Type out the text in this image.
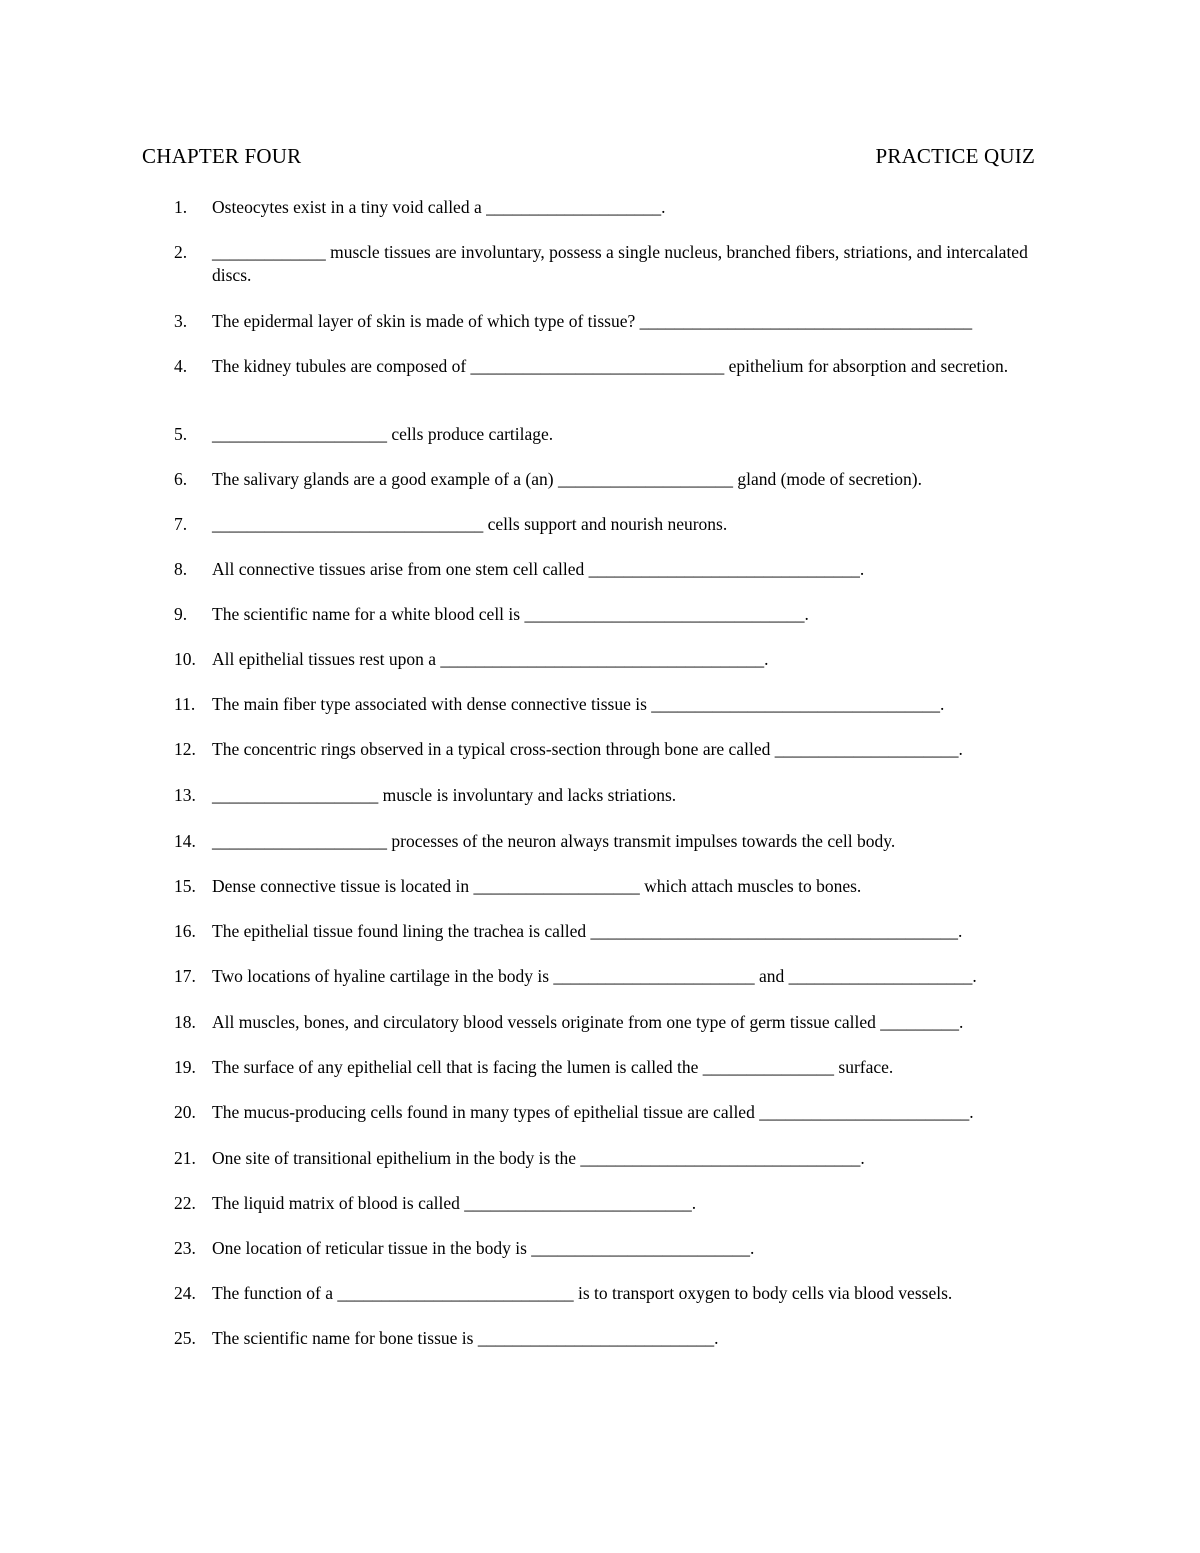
CHAPTER FOUR	PRACTICE QUIZ
1.	Osteocytes exist in a tiny void called a ____________________.
2.	_____________ muscle tissues are involuntary, possess a single nucleus, branched fibers, striations, and intercalated discs.
3.	The epidermal layer of skin is made of which type of tissue? ______________________________________
4.	The kidney tubules are composed of _____________________________ epithelium for absorption and secretion.
5.	____________________ cells produce cartilage.
6.	The salivary glands are a good example of a (an) ____________________ gland (mode of secretion).
7.	_______________________________ cells support and nourish neurons.
8.	All connective tissues arise from one stem cell called _______________________________.
9.	The scientific name for a white blood cell is ________________________________.
10. All epithelial tissues rest upon a _____________________________________.
11. The main fiber type associated with dense connective tissue is _________________________________.
12. The concentric rings observed in a typical cross-section through bone are called _____________________.
13. ___________________ muscle is involuntary and lacks striations.
14. ____________________ processes of the neuron always transmit impulses towards the cell body.
15. Dense connective tissue is located in ___________________ which attach muscles to bones.
16. The epithelial tissue found lining the trachea is called __________________________________________.
17. Two locations of hyaline cartilage in the body is _______________________ and _____________________.
18. All muscles, bones, and circulatory blood vessels originate from one type of germ tissue called _________.
19. The surface of any epithelial cell that is facing the lumen is called the _______________ surface.
20. The mucus-producing cells found in many types of epithelial tissue are called ________________________.
21. One site of transitional epithelium in the body is the ________________________________.
22. The liquid matrix of blood is called __________________________.
23. One location of reticular tissue in the body is _________________________.
24. The function of a ___________________________ is to transport oxygen to body cells via blood vessels.
25. The scientific name for bone tissue is ___________________________.
